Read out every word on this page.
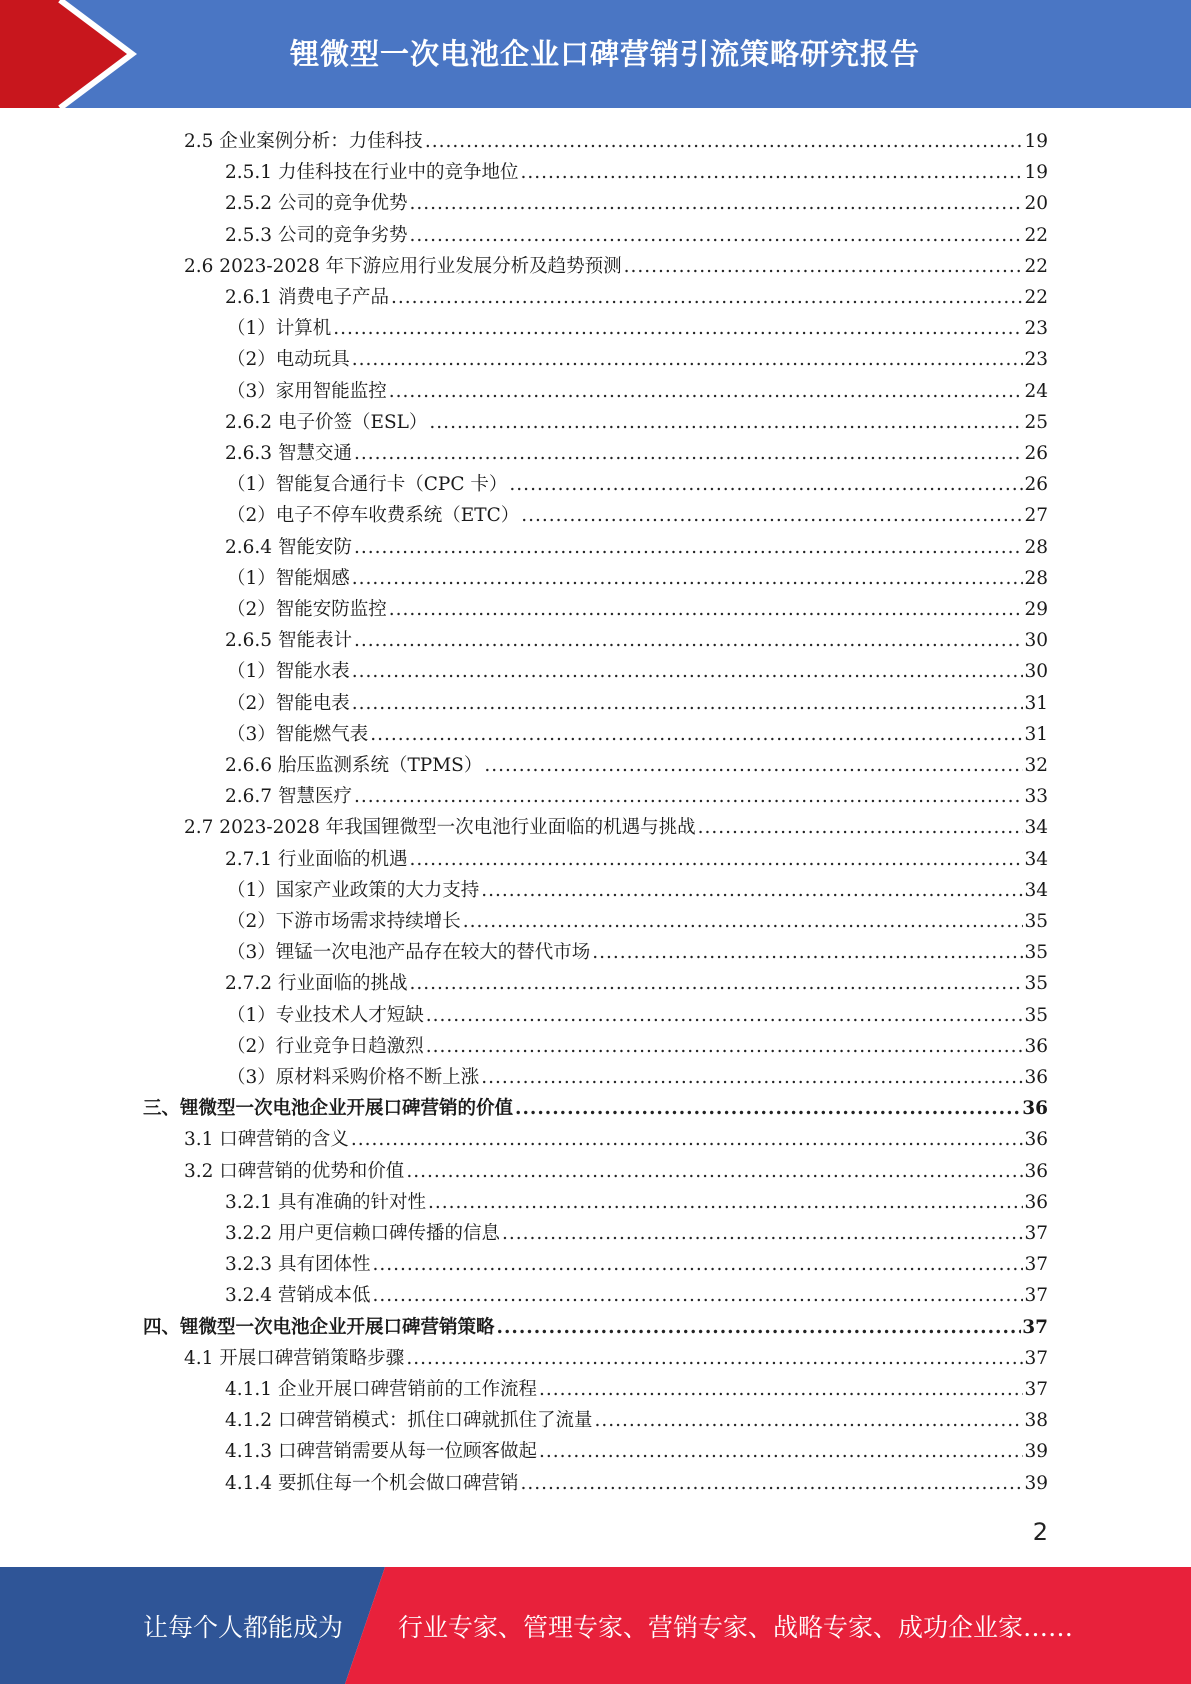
锂微型一次电池企业口碑营销引流策略研究报告
2.5 企业案例分析：力佳科技 .....	19
2.5.1 力佳科技在行业中的竞争地位 .....	19
2.5.2 公司的竞争优势 .....	20
2.5.3 公司的竞争劣势 .....	22
2.6 2023-2028 年下游应用行业发展分析及趋势预测 .....	22
2.6.1 消费电子产品 .....	22
（1）计算机 .....	23
（2）电动玩具 .....	23
（3）家用智能监控 .....	24
2.6.2 电子价签（ESL） .....	25
2.6.3 智慧交通 .....	26
（1）智能复合通行卡（CPC 卡） .....	26
（2）电子不停车收费系统（ETC） .....	27
2.6.4 智能安防 .....	28
（1）智能烟感 .....	28
（2）智能安防监控 .....	29
2.6.5 智能表计 .....	30
（1）智能水表 .....	30
（2）智能电表 .....	31
（3）智能燃气表 .....	31
2.6.6 胎压监测系统（TPMS） .....	32
2.6.7 智慧医疗 .....	33
2.7 2023-2028 年我国锂微型一次电池行业面临的机遇与挑战 .....	34
2.7.1 行业面临的机遇 .....	34
（1）国家产业政策的大力支持 .....	34
（2）下游市场需求持续增长 .....	35
（3）锂锰一次电池产品存在较大的替代市场 .....	35
2.7.2 行业面临的挑战 .....	35
（1）专业技术人才短缺 .....	35
（2）行业竞争日趋激烈 .....	36
（3）原材料采购价格不断上涨 .....	36
三、锂微型一次电池企业开展口碑营销的价值 .....	36
3.1 口碑营销的含义 .....	36
3.2 口碑营销的优势和价值 .....	36
3.2.1 具有准确的针对性 .....	36
3.2.2 用户更信赖口碑传播的信息 .....	37
3.2.3 具有团体性 .....	37
3.2.4 营销成本低 .....	37
四、锂微型一次电池企业开展口碑营销策略 .....	37
4.1 开展口碑营销策略步骤 .....	37
4.1.1 企业开展口碑营销前的工作流程 .....	37
4.1.2 口碑营销模式：抓住口碑就抓住了流量 .....	38
4.1.3 口碑营销需要从每一位顾客做起 .....	39
4.1.4 要抓住每一个机会做口碑营销 .....	39
2
让每个人都能成为 行业专家、管理专家、营销专家、战略专家、成功企业家……
